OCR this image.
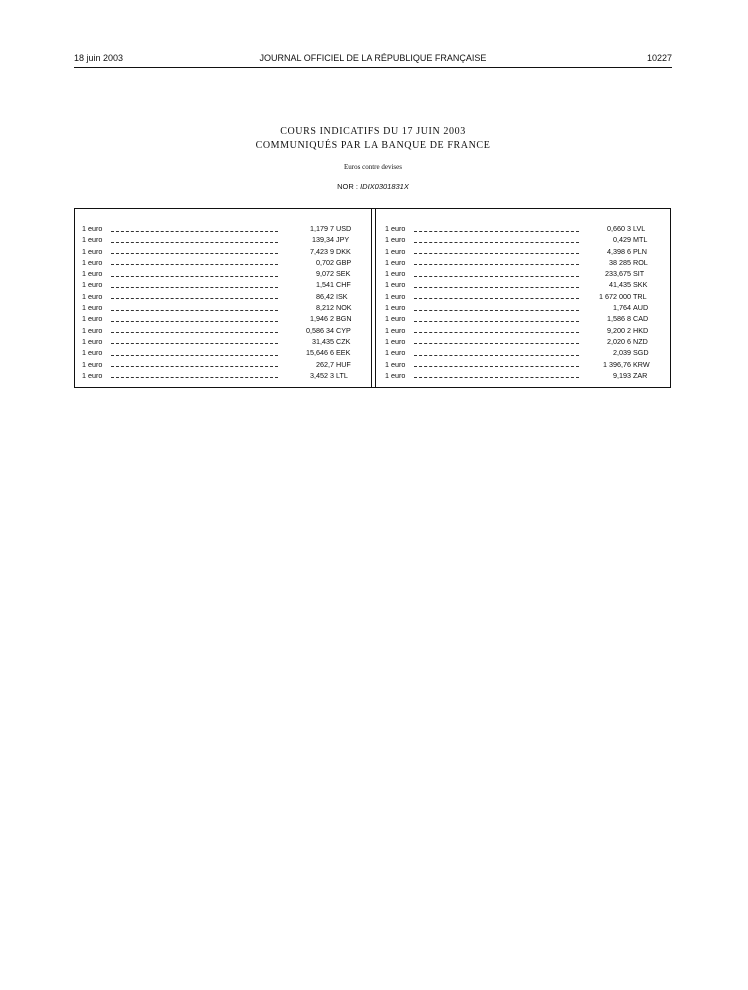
18 juin 2003	JOURNAL OFFICIEL DE LA RÉPUBLIQUE FRANÇAISE	10227
COURS INDICATIFS DU 17 JUIN 2003
COMMUNIQUÉS PAR LA BANQUE DE FRANCE
Euros contre devises
NOR : IDIX0301831X
1 euro	1,179 7 USD
1 euro	139,34 JPY
1 euro	7,423 9 DKK
1 euro	0,702 GBP
1 euro	9,072 SEK
1 euro	1,541 CHF
1 euro	86,42 ISK
1 euro	8,212 NOK
1 euro	1,946 2 BGN
1 euro	0,586 34 CYP
1 euro	31,435 CZK
1 euro	15,646 6 EEK
1 euro	262,7 HUF
1 euro	3,452 3 LTL
1 euro	0,660 3 LVL
1 euro	0,429 MTL
1 euro	4,398 6 PLN
1 euro	38 285 ROL
1 euro	233,675 SIT
1 euro	41,435 SKK
1 euro	1 672 000 TRL
1 euro	1,764 AUD
1 euro	1,586 8 CAD
1 euro	9,200 2 HKD
1 euro	2,020 6 NZD
1 euro	2,039 SGD
1 euro	1 396,76 KRW
1 euro	9,193 ZAR
